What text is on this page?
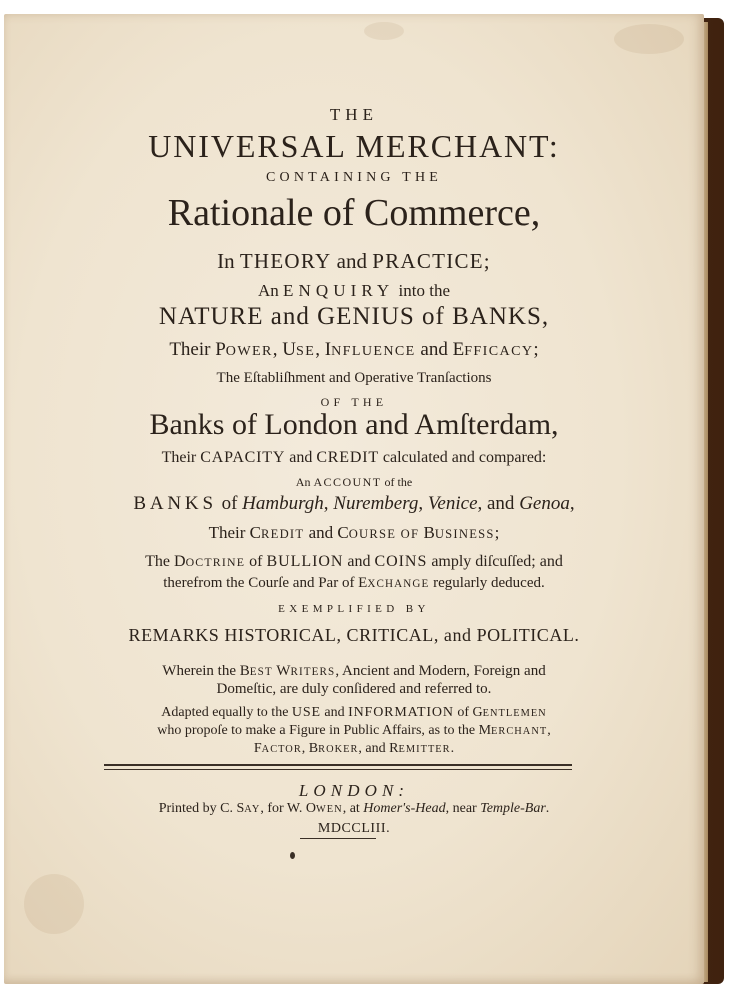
THE
UNIVERSAL MERCHANT:
CONTAINING THE
Rationale of Commerce,
In THEORY and PRACTICE;
An ENQUIRY into the
NATURE and GENIUS of BANKS,
Their POWER, USE, INFLUENCE and EFFICACY;
The Eſtabliſhment and Operative Tranſactions
OF THE
Banks of London and Amſterdam,
Their CAPACITY and CREDIT calculated and compared:
An ACCOUNT of the
BANKS of Hamburgh, Nuremberg, Venice, and Genoa,
Their CREDIT and COURSE OF BUSINESS;
The DOCTRINE of BULLION and COINS amply diſcuſſed; and
therefrom the Courſe and Par of EXCHANGE regularly deduced.
EXEMPLIFIED BY
REMARKS HISTORICAL, CRITICAL, and POLITICAL.
Wherein the BEST WRITERS, Ancient and Modern, Foreign and
Domeſtic, are duly conſidered and referred to.
Adapted equally to the USE and INFORMATION of GENTLEMEN
who propoſe to make a Figure in Public Affairs, as to the MERCHANT,
FACTOR, BROKER, and REMITTER.
LONDON:
Printed by C. SAY, for W. OWEN, at Homer's-Head, near Temple-Bar.
MDCCLIII.
